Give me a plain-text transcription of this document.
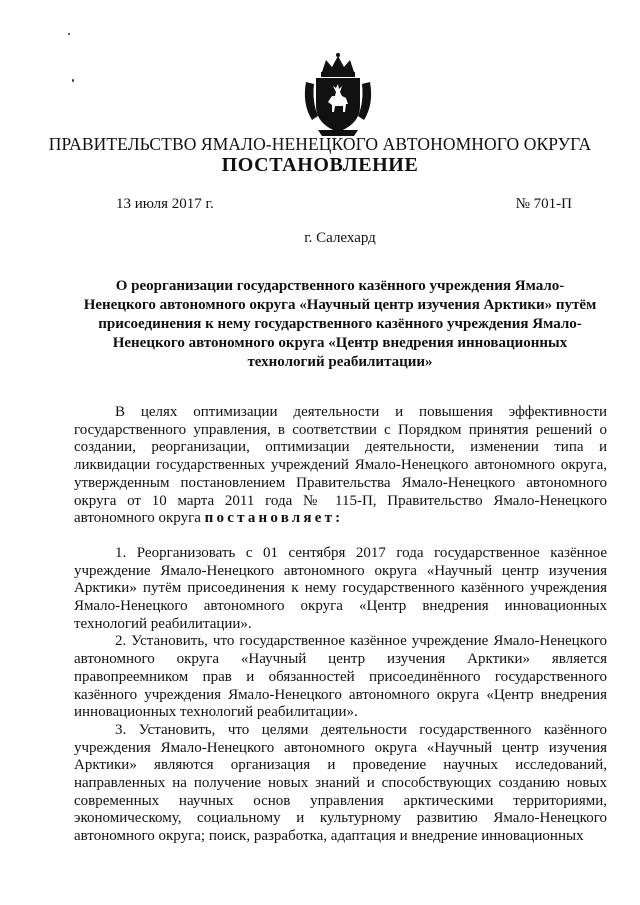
ПРАВИТЕЛЬСТВО ЯМАЛО-НЕНЕЦКОГО АВТОНОМНОГО ОКРУГА
ПОСТАНОВЛЕНИЕ
13 июля 2017 г.	№ 701-П
г. Салехард
О реорганизации государственного казённого учреждения Ямало-Ненецкого автономного округа «Научный центр изучения Арктики» путём присоединения к нему государственного казённого учреждения Ямало-Ненецкого автономного округа «Центр внедрения инновационных технологий реабилитации»

В целях оптимизации деятельности и повышения эффективности государственного управления, в соответствии с Порядком принятия решений о создании, реорганизации, оптимизации деятельности, изменении типа и ликвидации государственных учреждений Ямало-Ненецкого автономного округа, утвержденным постановлением Правительства Ямало-Ненецкого автономного округа от 10 марта 2011 года № 115-П, Правительство Ямало-Ненецкого автономного округа постановляет:

1. Реорганизовать с 01 сентября 2017 года государственное казённое учреждение Ямало-Ненецкого автономного округа «Научный центр изучения Арктики» путём присоединения к нему государственного казённого учреждения Ямало-Ненецкого автономного округа «Центр внедрения инновационных технологий реабилитации».

2. Установить, что государственное казённое учреждение Ямало-Ненецкого автономного округа «Научный центр изучения Арктики» является правопреемником прав и обязанностей присоединённого государственного казённого учреждения Ямало-Ненецкого автономного округа «Центр внедрения инновационных технологий реабилитации».

3. Установить, что целями деятельности государственного казённого учреждения Ямало-Ненецкого автономного округа «Научный центр изучения Арктики» являются организация и проведение научных исследований, направленных на получение новых знаний и способствующих созданию новых современных научных основ управления арктическими территориями, экономическому, социальному и культурному развитию Ямало-Ненецкого автономного округа; поиск, разработка, адаптация и внедрение инновационных
